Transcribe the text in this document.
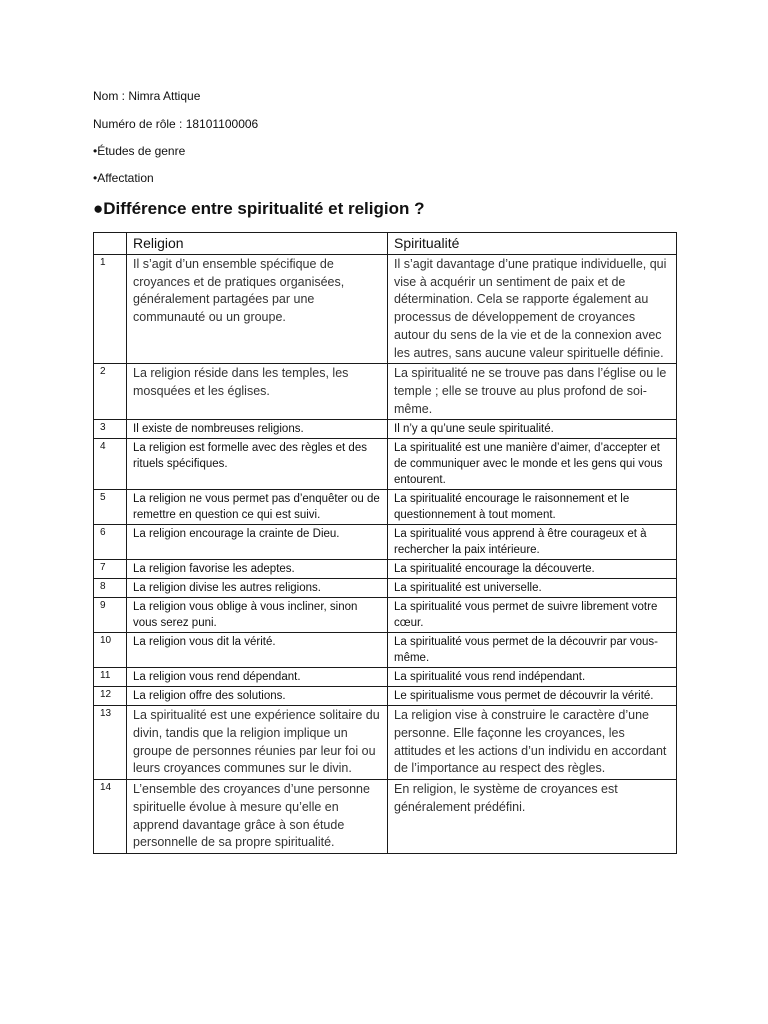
Nom : Nimra Attique

Numéro de rôle : 18101100006

•Études de genre

•Affectation

●Différence entre spiritualité et religion ?
	Religion	Spiritualité
1	Il s’agit d’un ensemble spécifique de croyances et de pratiques organisées, généralement partagées par une communauté ou un groupe.	Il s’agit davantage d’une pratique individuelle, qui vise à acquérir un sentiment de paix et de détermination. Cela se rapporte également au processus de développement de croyances autour du sens de la vie et de la connexion avec les autres, sans aucune valeur spirituelle définie.
2	La religion réside dans les temples, les mosquées et les églises.	La spiritualité ne se trouve pas dans l’église ou le temple ; elle se trouve au plus profond de soi-même.
3	Il existe de nombreuses religions.	Il n’y a qu’une seule spiritualité.
4	La religion est formelle avec des règles et des rituels spécifiques.	La spiritualité est une manière d’aimer, d’accepter et de communiquer avec le monde et les gens qui vous entourent.
5	La religion ne vous permet pas d’enquêter ou de remettre en question ce qui est suivi.	La spiritualité encourage le raisonnement et le questionnement à tout moment.
6	La religion encourage la crainte de Dieu.	La spiritualité vous apprend à être courageux et à rechercher la paix intérieure.
7	La religion favorise les adeptes.	La spiritualité encourage la découverte.
8	La religion divise les autres religions.	La spiritualité est universelle.
9	La religion vous oblige à vous incliner, sinon vous serez puni.	La spiritualité vous permet de suivre librement votre cœur.
10	La religion vous dit la vérité.	La spiritualité vous permet de la découvrir par vous-même.
11	La religion vous rend dépendant.	La spiritualité vous rend indépendant.
12	La religion offre des solutions.	Le spiritualisme vous permet de découvrir la vérité.
13	La spiritualité est une expérience solitaire du divin, tandis que la religion implique un groupe de personnes réunies par leur foi ou leurs croyances communes sur le divin.	La religion vise à construire le caractère d’une personne. Elle façonne les croyances, les attitudes et les actions d’un individu en accordant de l’importance au respect des règles.
14	L’ensemble des croyances d’une personne spirituelle évolue à mesure qu’elle en apprend davantage grâce à son étude personnelle de sa propre spiritualité.	En religion, le système de croyances est généralement prédéfini.
